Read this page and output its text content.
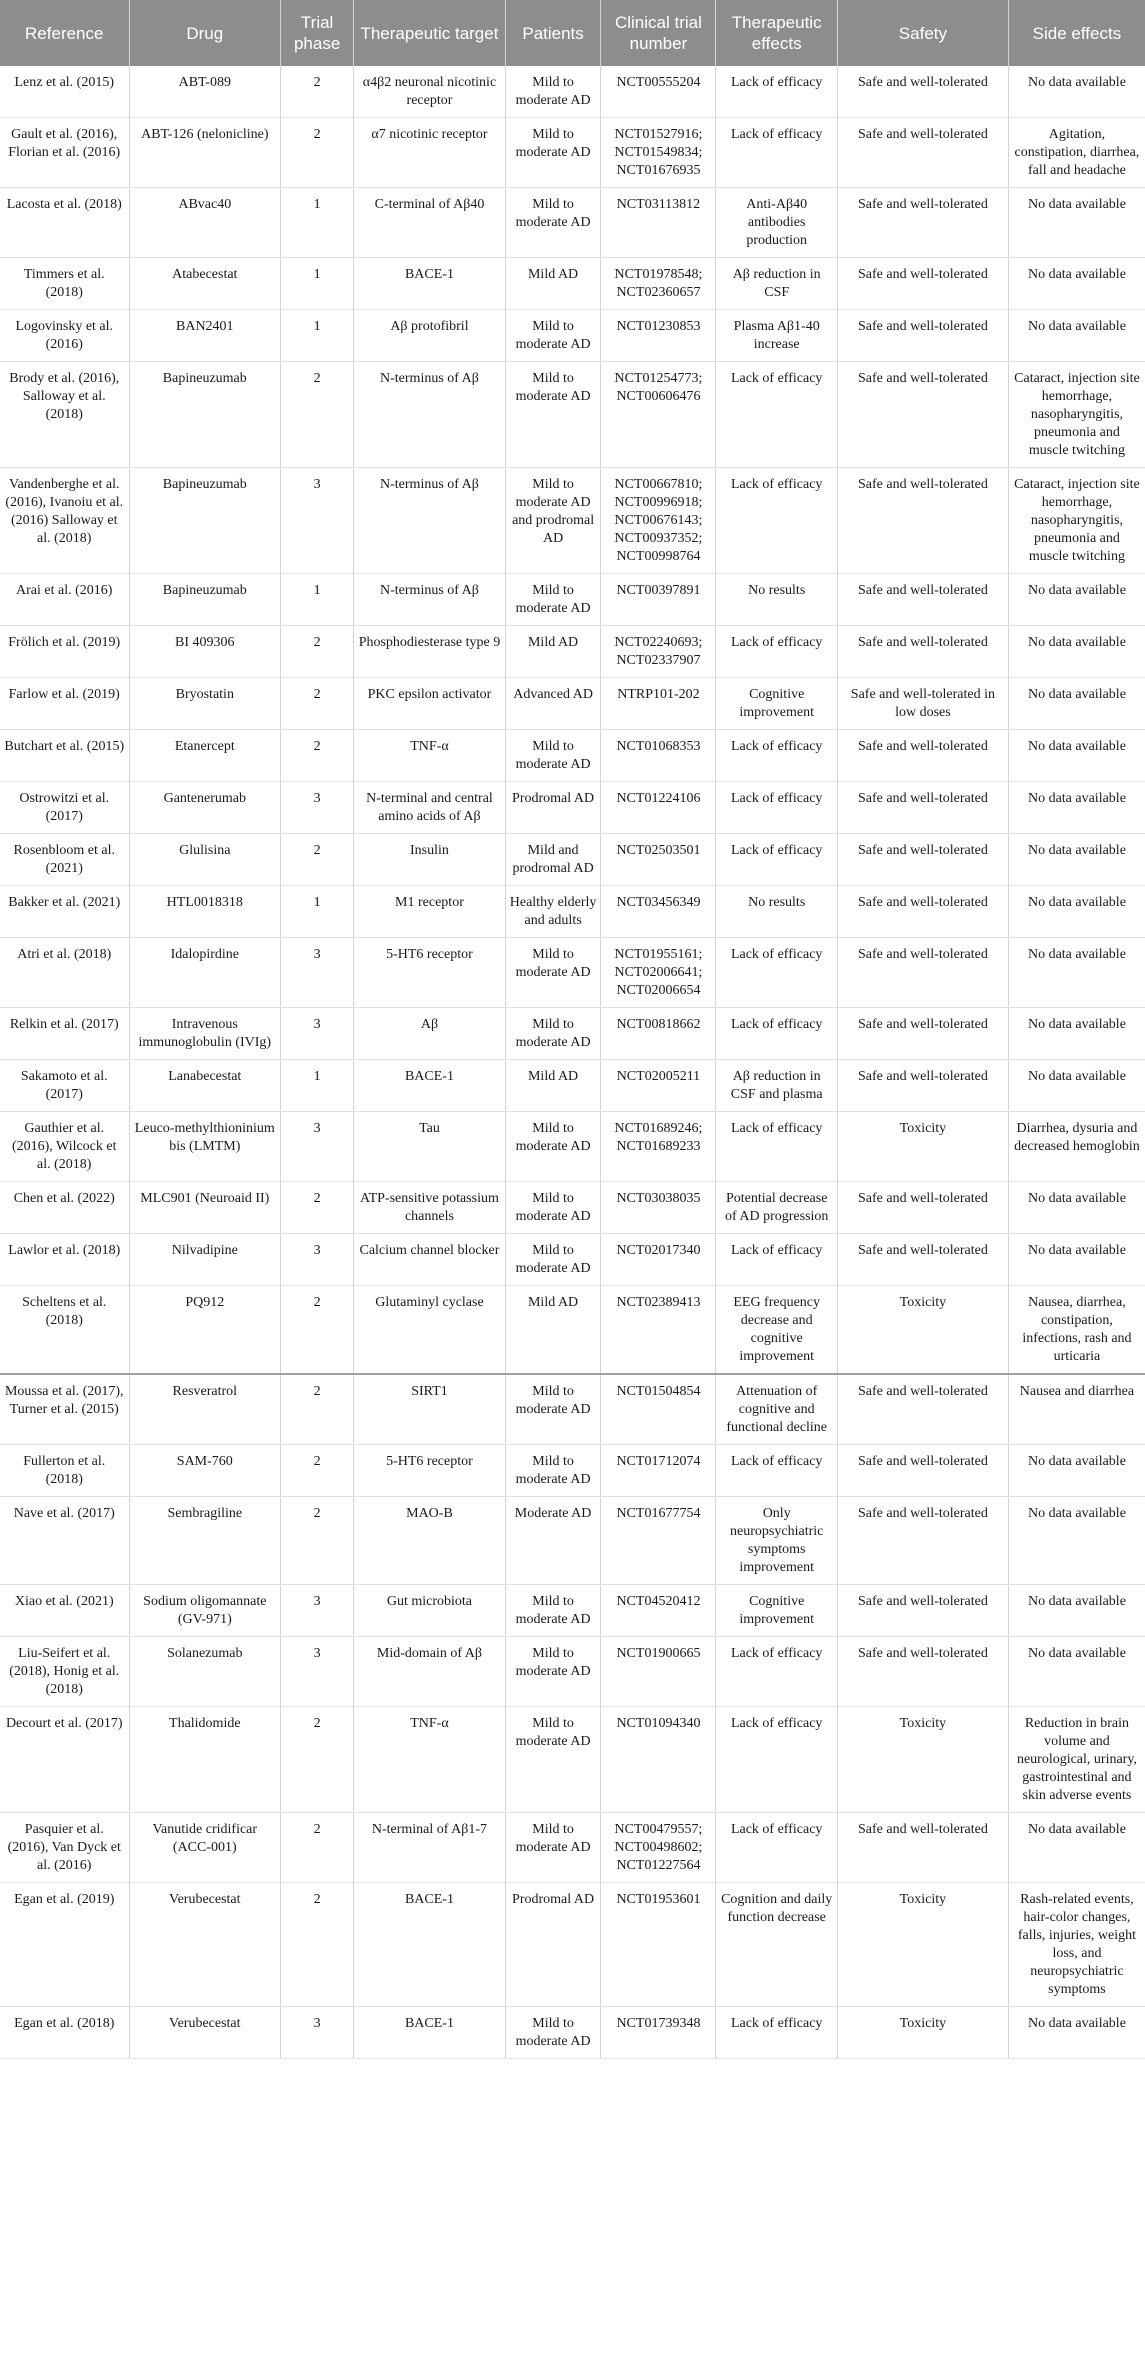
Reference	Drug	Trial phase	Therapeutic target	Patients	Clinical trial number	Therapeutic effects	Safety	Side effects
Lenz et al. (2015)	ABT-089	2	α4β2 neuronal nicotinic receptor	Mild to moderate AD	NCT00555204	Lack of efficacy	Safe and well-tolerated	No data available
Gault et al. (2016), Florian et al. (2016)	ABT-126 (nelonicline)	2	α7 nicotinic receptor	Mild to moderate AD	NCT01527916; NCT01549834; NCT01676935	Lack of efficacy	Safe and well-tolerated	Agitation, constipation, diarrhea, fall and headache
Lacosta et al. (2018)	ABvac40	1	C-terminal of Aβ40	Mild to moderate AD	NCT03113812	Anti-Aβ40 antibodies production	Safe and well-tolerated	No data available
Timmers et al. (2018)	Atabecestat	1	BACE-1	Mild AD	NCT01978548; NCT02360657	Aβ reduction in CSF	Safe and well-tolerated	No data available
Logovinsky et al. (2016)	BAN2401	1	Aβ protofibril	Mild to moderate AD	NCT01230853	Plasma Aβ1-40 increase	Safe and well-tolerated	No data available
Brody et al. (2016), Salloway et al. (2018)	Bapineuzumab	2	N-terminus of Aβ	Mild to moderate AD	NCT01254773; NCT00606476	Lack of efficacy	Safe and well-tolerated	Cataract, injection site hemorrhage, nasopharyngitis, pneumonia and muscle twitching
Vandenberghe et al. (2016), Ivanoiu et al. (2016) Salloway et al. (2018)	Bapineuzumab	3	N-terminus of Aβ	Mild to moderate AD and prodromal AD	NCT00667810; NCT00996918; NCT00676143; NCT00937352; NCT00998764	Lack of efficacy	Safe and well-tolerated	Cataract, injection site hemorrhage, nasopharyngitis, pneumonia and muscle twitching
Arai et al. (2016)	Bapineuzumab	1	N-terminus of Aβ	Mild to moderate AD	NCT00397891	No results	Safe and well-tolerated	No data available
Frölich et al. (2019)	BI 409306	2	Phosphodiesterase type 9	Mild AD	NCT02240693; NCT02337907	Lack of efficacy	Safe and well-tolerated	No data available
Farlow et al. (2019)	Bryostatin	2	PKC epsilon activator	Advanced AD	NTRP101-202	Cognitive improvement	Safe and well-tolerated in low doses	No data available
Butchart et al. (2015)	Etanercept	2	TNF-α	Mild to moderate AD	NCT01068353	Lack of efficacy	Safe and well-tolerated	No data available
Ostrowitzi et al. (2017)	Gantenerumab	3	N-terminal and central amino acids of Aβ	Prodromal AD	NCT01224106	Lack of efficacy	Safe and well-tolerated	No data available
Rosenbloom et al. (2021)	Glulisina	2	Insulin	Mild and prodromal AD	NCT02503501	Lack of efficacy	Safe and well-tolerated	No data available
Bakker et al. (2021)	HTL0018318	1	M1 receptor	Healthy elderly and adults	NCT03456349	No results	Safe and well-tolerated	No data available
Atri et al. (2018)	Idalopirdine	3	5-HT6 receptor	Mild to moderate AD	NCT01955161; NCT02006641; NCT02006654	Lack of efficacy	Safe and well-tolerated	No data available
Relkin et al. (2017)	Intravenous immunoglobulin (IVIg)	3	Aβ	Mild to moderate AD	NCT00818662	Lack of efficacy	Safe and well-tolerated	No data available
Sakamoto et al. (2017)	Lanabecestat	1	BACE-1	Mild AD	NCT02005211	Aβ reduction in CSF and plasma	Safe and well-tolerated	No data available
Gauthier et al. (2016), Wilcock et al. (2018)	Leuco-methylthioninium bis (LMTM)	3	Tau	Mild to moderate AD	NCT01689246; NCT01689233	Lack of efficacy	Toxicity	Diarrhea, dysuria and decreased hemoglobin
Chen et al. (2022)	MLC901 (Neuroaid II)	2	ATP-sensitive potassium channels	Mild to moderate AD	NCT03038035	Potential decrease of AD progression	Safe and well-tolerated	No data available
Lawlor et al. (2018)	Nilvadipine	3	Calcium channel blocker	Mild to moderate AD	NCT02017340	Lack of efficacy	Safe and well-tolerated	No data available
Scheltens et al. (2018)	PQ912	2	Glutaminyl cyclase	Mild AD	NCT02389413	EEG frequency decrease and cognitive improvement	Toxicity	Nausea, diarrhea, constipation, infections, rash and urticaria
Moussa et al. (2017), Turner et al. (2015)	Resveratrol	2	SIRT1	Mild to moderate AD	NCT01504854	Attenuation of cognitive and functional decline	Safe and well-tolerated	Nausea and diarrhea
Fullerton et al. (2018)	SAM-760	2	5-HT6 receptor	Mild to moderate AD	NCT01712074	Lack of efficacy	Safe and well-tolerated	No data available
Nave et al. (2017)	Sembragiline	2	MAO-B	Moderate AD	NCT01677754	Only neuropsychiatric symptoms improvement	Safe and well-tolerated	No data available
Xiao et al. (2021)	Sodium oligomannate (GV-971)	3	Gut microbiota	Mild to moderate AD	NCT04520412	Cognitive improvement	Safe and well-tolerated	No data available
Liu-Seifert et al. (2018), Honig et al. (2018)	Solanezumab	3	Mid-domain of Aβ	Mild to moderate AD	NCT01900665	Lack of efficacy	Safe and well-tolerated	No data available
Decourt et al. (2017)	Thalidomide	2	TNF-α	Mild to moderate AD	NCT01094340	Lack of efficacy	Toxicity	Reduction in brain volume and neurological, urinary, gastrointestinal and skin adverse events
Pasquier et al. (2016), Van Dyck et al. (2016)	Vanutide cridificar (ACC-001)	2	N-terminal of Aβ1-7	Mild to moderate AD	NCT00479557; NCT00498602; NCT01227564	Lack of efficacy	Safe and well-tolerated	No data available
Egan et al. (2019)	Verubecestat	2	BACE-1	Prodromal AD	NCT01953601	Cognition and daily function decrease	Toxicity	Rash-related events, hair-color changes, falls, injuries, weight loss, and neuropsychiatric symptoms
Egan et al. (2018)	Verubecestat	3	BACE-1	Mild to moderate AD	NCT01739348	Lack of efficacy	Toxicity	No data available
